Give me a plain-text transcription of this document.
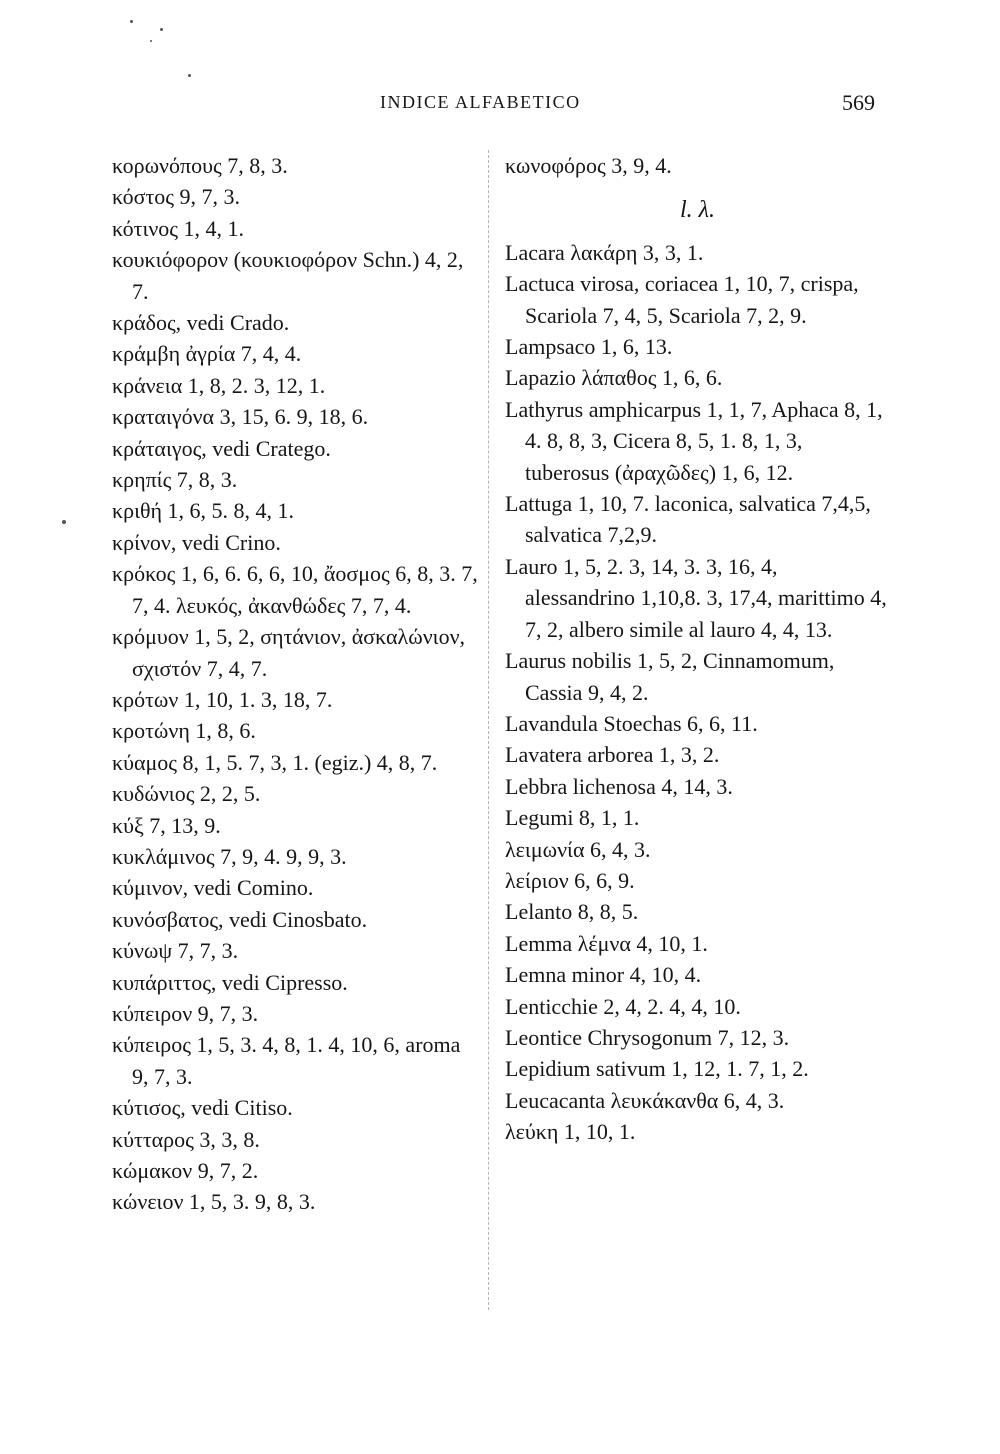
INDICE ALFABETICO	569

κορωνόπους 7, 8, 3.

κόστος 9, 7, 3.

κότινος 1, 4, 1.

κουκιόφορον (κουκιοφόρον Schn.) 4, 2, 7.

κράδος, vedi Crado.

κράμβη ἀγρία 7, 4, 4.

κράνεια 1, 8, 2. 3, 12, 1.

κραταιγόνα 3, 15, 6. 9, 18, 6.

κράταιγος, vedi Cratego.

κρηπίς 7, 8, 3.

κριθή 1, 6, 5. 8, 4, 1.

κρίνον, vedi Crino.

κρόκος 1, 6, 6. 6, 6, 10, ἄοσμος 6, 8, 3. 7, 7, 4. λευκός, ἀκανθώδες 7, 7, 4.

κρόμυον 1, 5, 2, σητάνιον, ἀσκαλώνιον, σχιστόν 7, 4, 7.

κρότων 1, 10, 1. 3, 18, 7.

κροτώνη 1, 8, 6.

κύαμος 8, 1, 5. 7, 3, 1. (egiz.) 4, 8, 7.

κυδώνιος 2, 2, 5.

κύξ 7, 13, 9.

κυκλάμινος 7, 9, 4. 9, 9, 3.

κύμινον, vedi Comino.

κυνόσβατος, vedi Cinosbato.

κύνωψ 7, 7, 3.

κυπάριττος, vedi Cipresso.

κύπειρον 9, 7, 3.

κύπειρος 1, 5, 3. 4, 8, 1. 4, 10, 6, aroma 9, 7, 3.

κύτισος, vedi Citiso.

κύτταρος 3, 3, 8.

κώμακον 9, 7, 2.

κώνειον 1, 5, 3. 9, 8, 3.

κωνοφόρος 3, 9, 4.

l. λ.

Lacara λακάρη 3, 3, 1.

Lactuca virosa, coriacea 1, 10, 7, crispa, Scariola 7, 4, 5, Scariola 7, 2, 9.

Lampsaco 1, 6, 13.

Lapazio λάπαθος 1, 6, 6.

Lathyrus amphicarpus 1, 1, 7, Aphaca 8, 1, 4. 8, 8, 3, Cicera 8, 5, 1. 8, 1, 3, tuberosus (ἀραχῶδες) 1, 6, 12.

Lattuga 1, 10, 7. laconica, salvatica 7,4,5, salvatica 7,2,9.

Lauro 1, 5, 2. 3, 14, 3. 3, 16, 4, alessandrino 1,10,8. 3, 17,4, marittimo 4, 7, 2, albero simile al lauro 4, 4, 13.

Laurus nobilis 1, 5, 2, Cinnamomum, Cassia 9, 4, 2.

Lavandula Stoechas 6, 6, 11.

Lavatera arborea 1, 3, 2.

Lebbra lichenosa 4, 14, 3.

Legumi 8, 1, 1.

λειμωνία 6, 4, 3.

λείριον 6, 6, 9.

Lelanto 8, 8, 5.

Lemma λέμνα 4, 10, 1.

Lemna minor 4, 10, 4.

Lenticchie 2, 4, 2. 4, 4, 10.

Leontice Chrysogonum 7, 12, 3.

Lepidium sativum 1, 12, 1. 7, 1, 2.

Leucacanta λευκάκανθα 6, 4, 3.

λεύκη 1, 10, 1.
